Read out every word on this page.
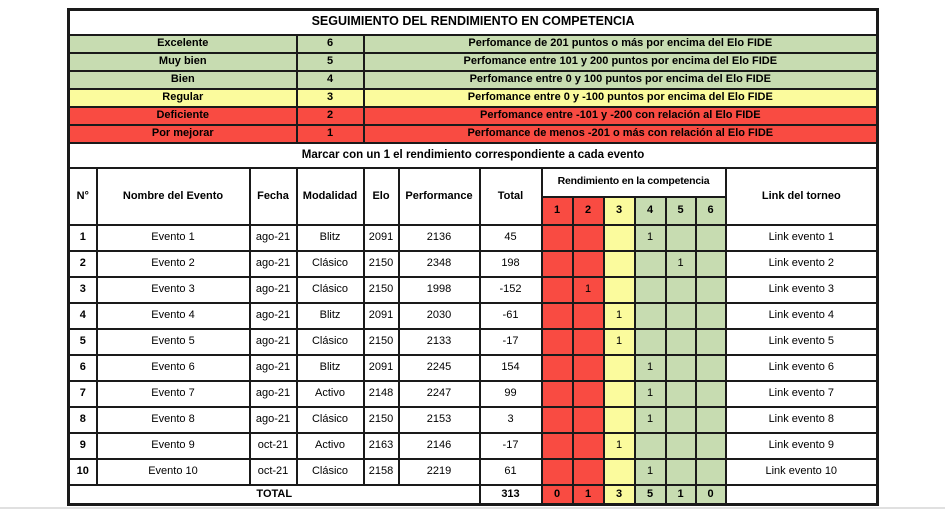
SEGUIMIENTO DEL RENDIMIENTO EN COMPETENCIA													
Excelente			6	Perfomance de 201 puntos o más por encima del Elo FIDE									
Muy bien			5	Perfomance entre 101 y 200 puntos por encima del Elo FIDE									
Bien			4	Perfomance entre 0 y 100 puntos por encima del Elo FIDE									
Regular			3	Perfomance entre 0 y -100 puntos por encima del Elo FIDE									
Deficiente			2	Perfomance entre -101 y -200 con relación al Elo FIDE									
Por mejorar			1	Perfomance de menos -201 o más con relación al Elo FIDE									
Marcar con un 1 el rendimiento correspondiente a cada evento													
N°	Nombre del Evento	Fecha	Modalidad	Elo	Performance	Total	Rendimiento en la competencia						Link del torneo
							1	2	3	4	5	6	
1	Evento 1	ago-21	Blitz	2091	2136	45				1			Link evento 1
2	Evento 2	ago-21	Clásico	2150	2348	198					1		Link evento 2
3	Evento 3	ago-21	Clásico	2150	1998	-152		1					Link evento 3
4	Evento 4	ago-21	Blitz	2091	2030	-61			1				Link evento 4
5	Evento 5	ago-21	Clásico	2150	2133	-17			1				Link evento 5
6	Evento 6	ago-21	Blitz	2091	2245	154				1			Link evento 6
7	Evento 7	ago-21	Activo	2148	2247	99				1			Link evento 7
8	Evento 8	ago-21	Clásico	2150	2153	3				1			Link evento 8
9	Evento 9	oct-21	Activo	2163	2146	-17			1				Link evento 9
10	Evento 10	oct-21	Clásico	2158	2219	61				1			Link evento 10
TOTAL						313	0	1	3	5	1	0	
